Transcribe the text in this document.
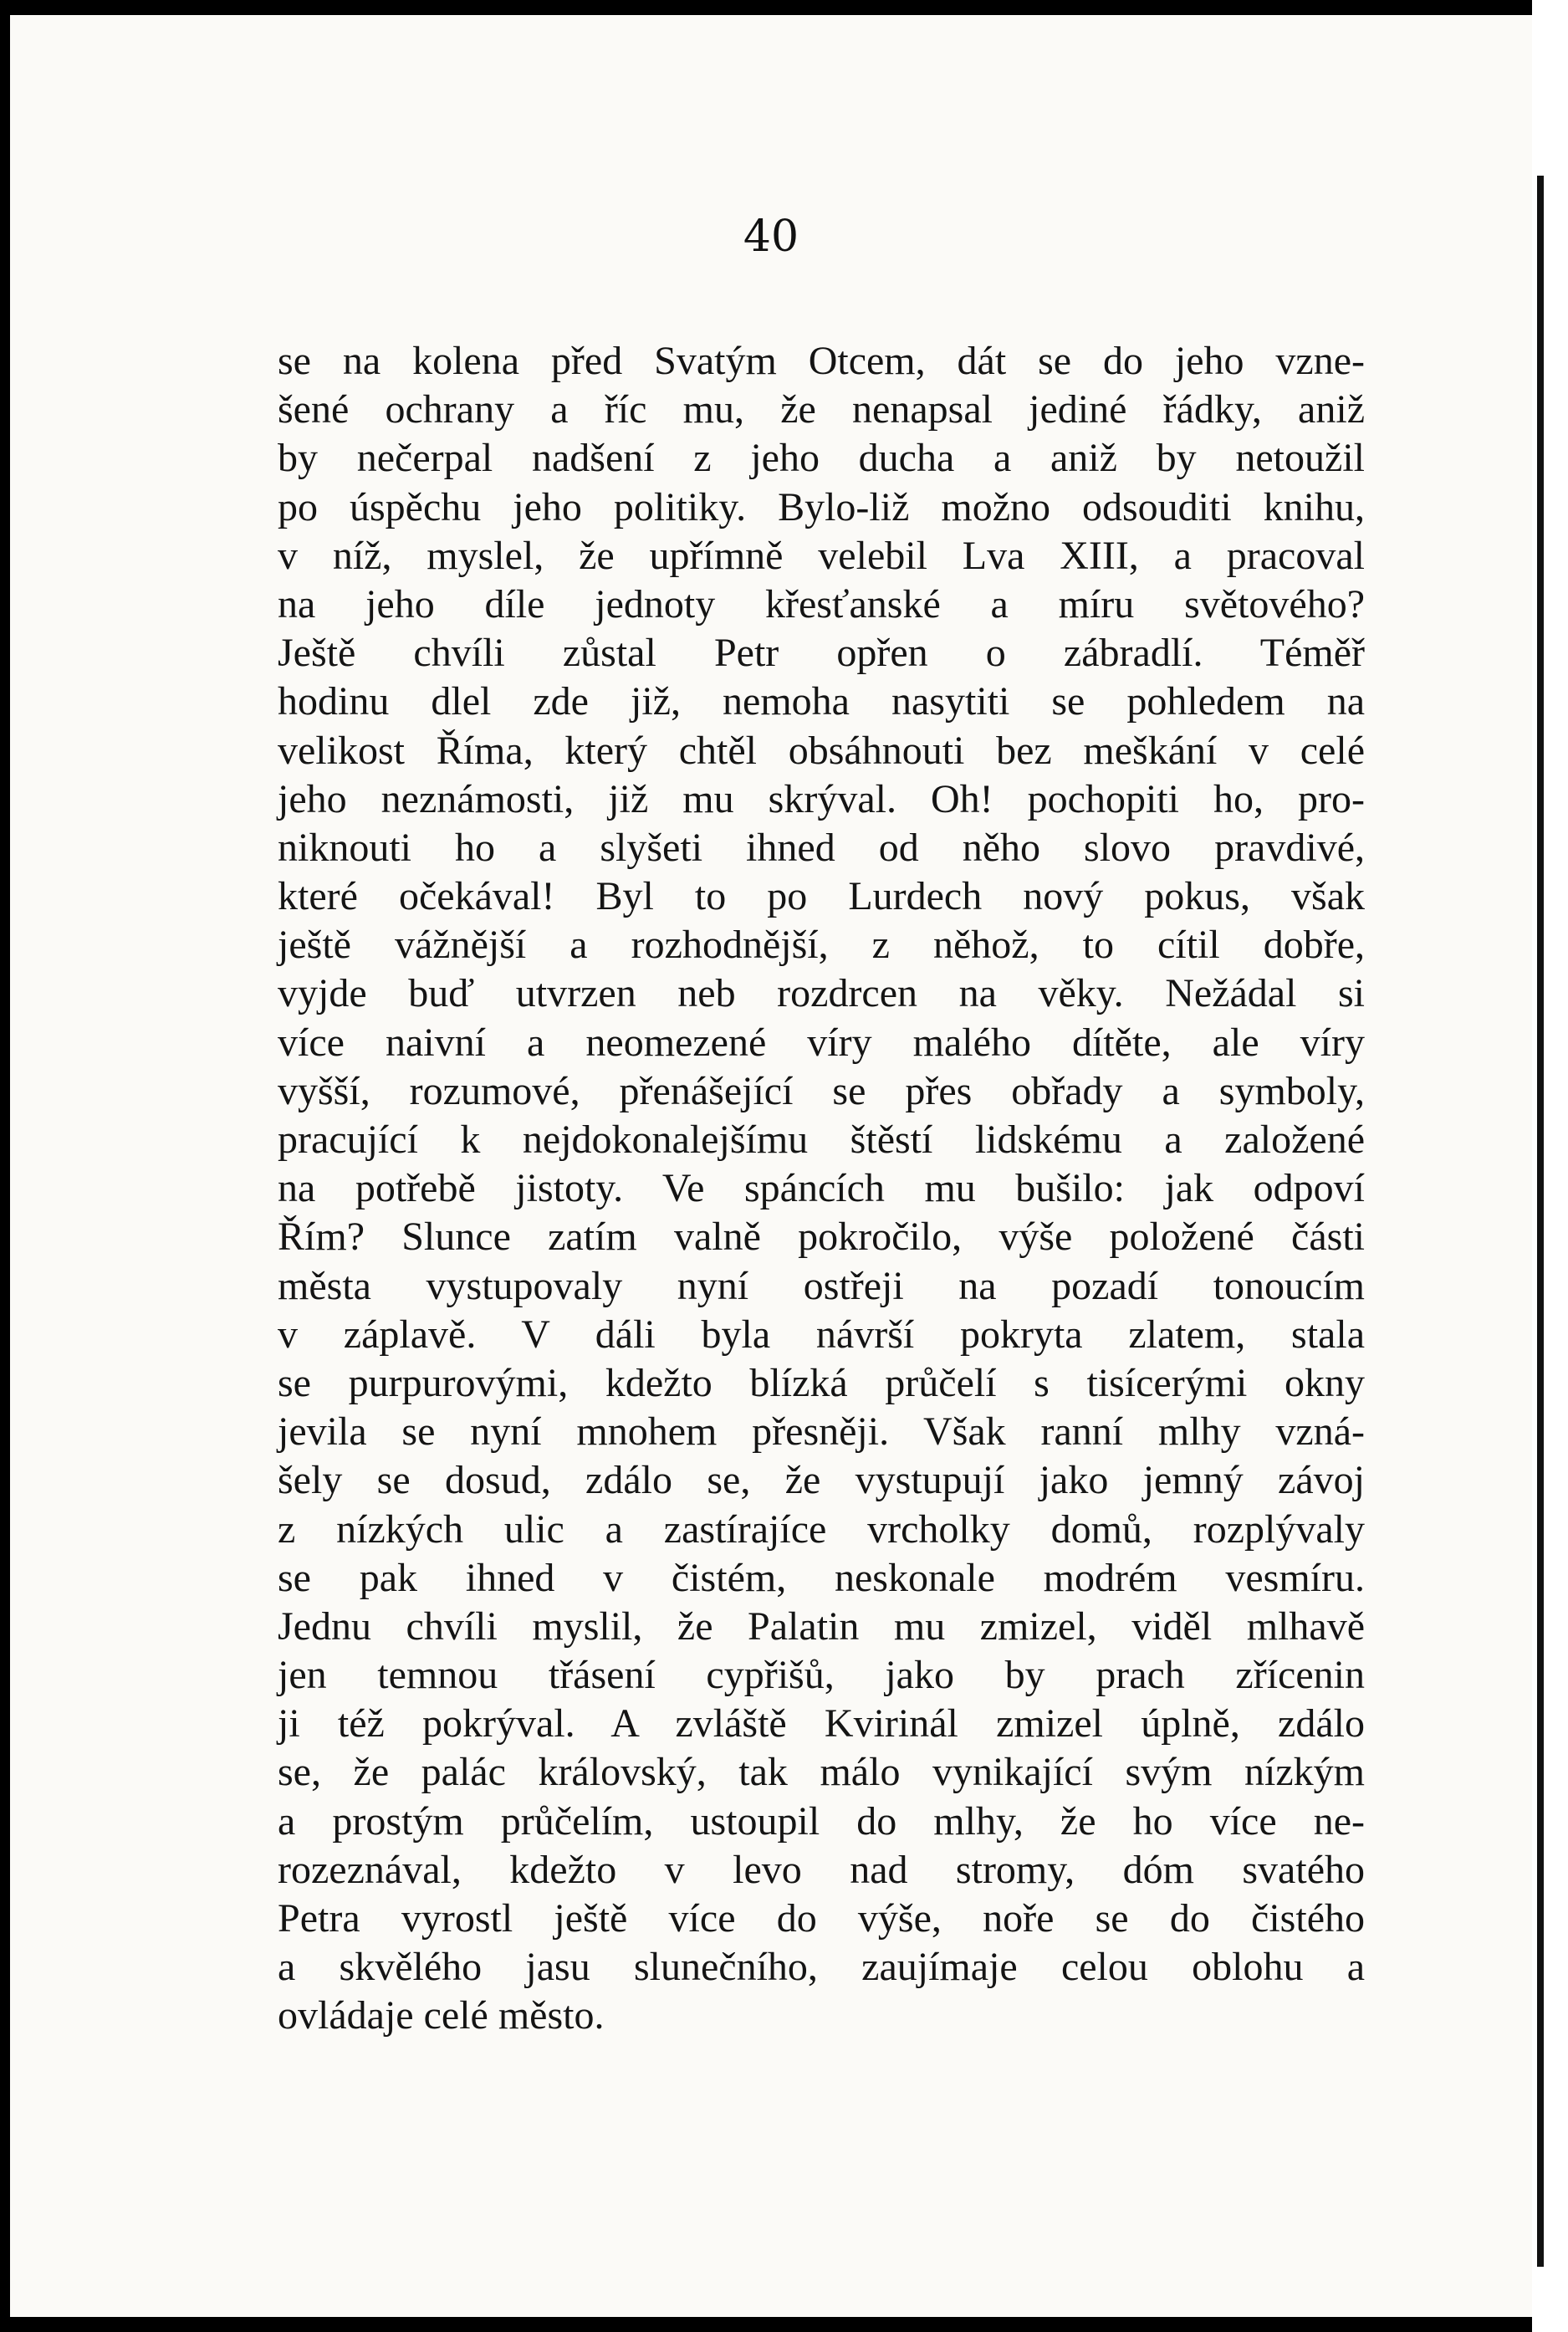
40

se na kolena před Svatým Otcem, dát se do jeho vzne-
šené ochrany a říc mu, že nenapsal jediné řádky, aniž
by nečerpal nadšení z jeho ducha a aniž by netoužil
po úspěchu jeho politiky. Bylo-liž možno odsouditi knihu,
v níž, myslel, že upřímně velebil Lva XIII, a pracoval
na jeho díle jednoty křesťanské a míru světového?
Ještě chvíli zůstal Petr opřen o zábradlí. Téměř
hodinu dlel zde již, nemoha nasytiti se pohledem na
velikost Říma, který chtěl obsáhnouti bez meškání v celé
jeho neznámosti, již mu skrýval. Oh! pochopiti ho, pro-
niknouti ho a slyšeti ihned od něho slovo pravdivé,
které očekával! Byl to po Lurdech nový pokus, však
ještě vážnější a rozhodnější, z něhož, to cítil dobře,
vyjde buď utvrzen neb rozdrcen na věky. Nežádal si
více naivní a neomezené víry malého dítěte, ale víry
vyšší, rozumové, přenášející se přes obřady a symboly,
pracující k nejdokonalejšímu štěstí lidskému a založené
na potřebě jistoty. Ve spáncích mu bušilo: jak odpoví
Řím? Slunce zatím valně pokročilo, výše položené části
města vystupovaly nyní ostřeji na pozadí tonoucím
v záplavě. V dáli byla návrší pokryta zlatem, stala
se purpurovými, kdežto blízká průčelí s tisícerými okny
jevila se nyní mnohem přesněji. Však ranní mlhy vzná-
šely se dosud, zdálo se, že vystupují jako jemný závoj
z nízkých ulic a zastírajíce vrcholky domů, rozplývaly
se pak ihned v čistém, neskonale modrém vesmíru.
Jednu chvíli myslil, že Palatin mu zmizel, viděl mlhavě
jen temnou třásení cypřišů, jako by prach zřícenin
ji též pokrýval. A zvláště Kvirinál zmizel úplně, zdálo
se, že palác královský, tak málo vynikající svým nízkým
a prostým průčelím, ustoupil do mlhy, že ho více ne-
rozeznával, kdežto v levo nad stromy, dóm svatého
Petra vyrostl ještě více do výše, noře se do čistého
a skvělého jasu slunečního, zaujímaje celou oblohu a
ovládaje celé město.
